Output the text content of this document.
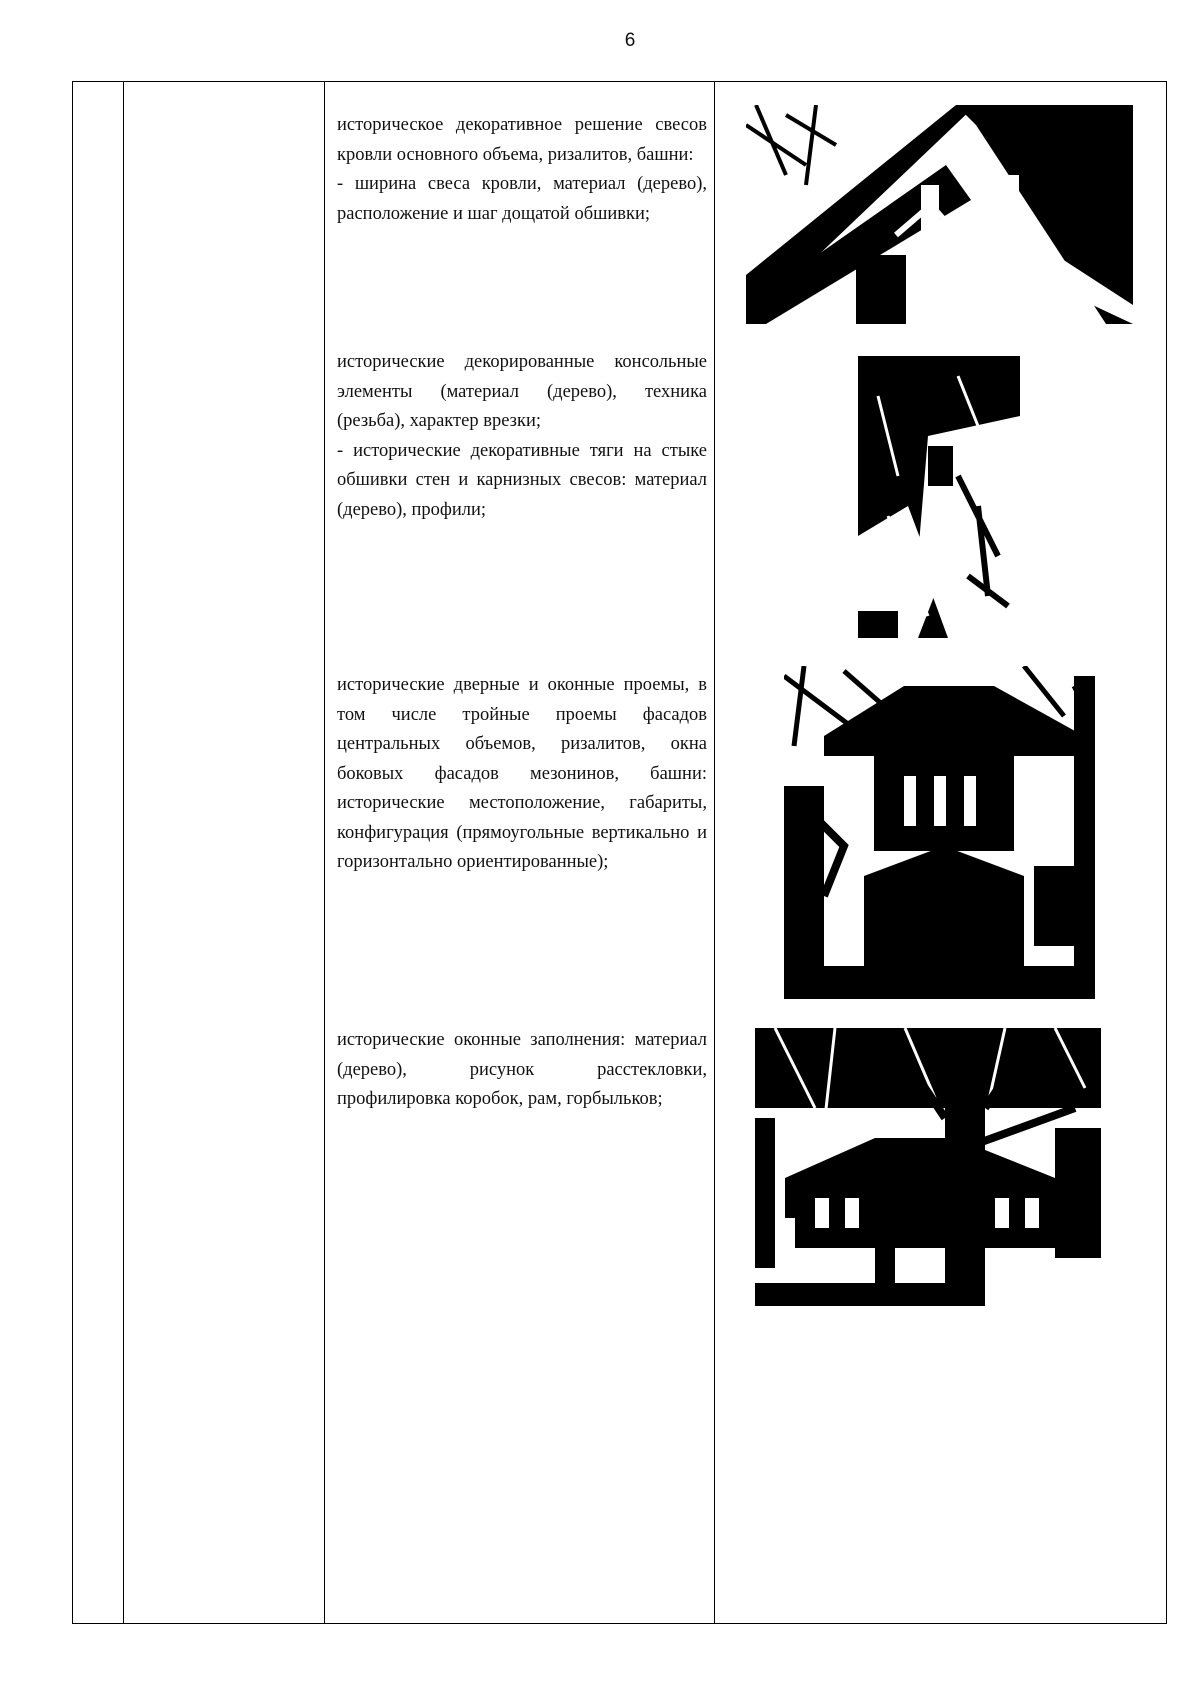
6

историческое декоративное решение свесов кровли основного объема, ризалитов, башни:

- ширина свеса кровли, материал (дерево), расположение и шаг дощатой обшивки;

исторические декорированные консольные элементы (материал (дерево), техника (резьба), характер врезки;

- исторические декоративные тяги на стыке обшивки стен и карнизных свесов: материал (дерево), профили;

исторические дверные и оконные проемы, в том числе тройные проемы фасадов центральных объемов, ризалитов, окна боковых фасадов мезонинов, башни: исторические местоположение, габариты, конфигурация (прямоугольные вертикально и горизонтально ориентированные);

исторические оконные заполнения: материал (дерево), рисунок расстекловки, профилировка коробок, рам, горбыльков;
